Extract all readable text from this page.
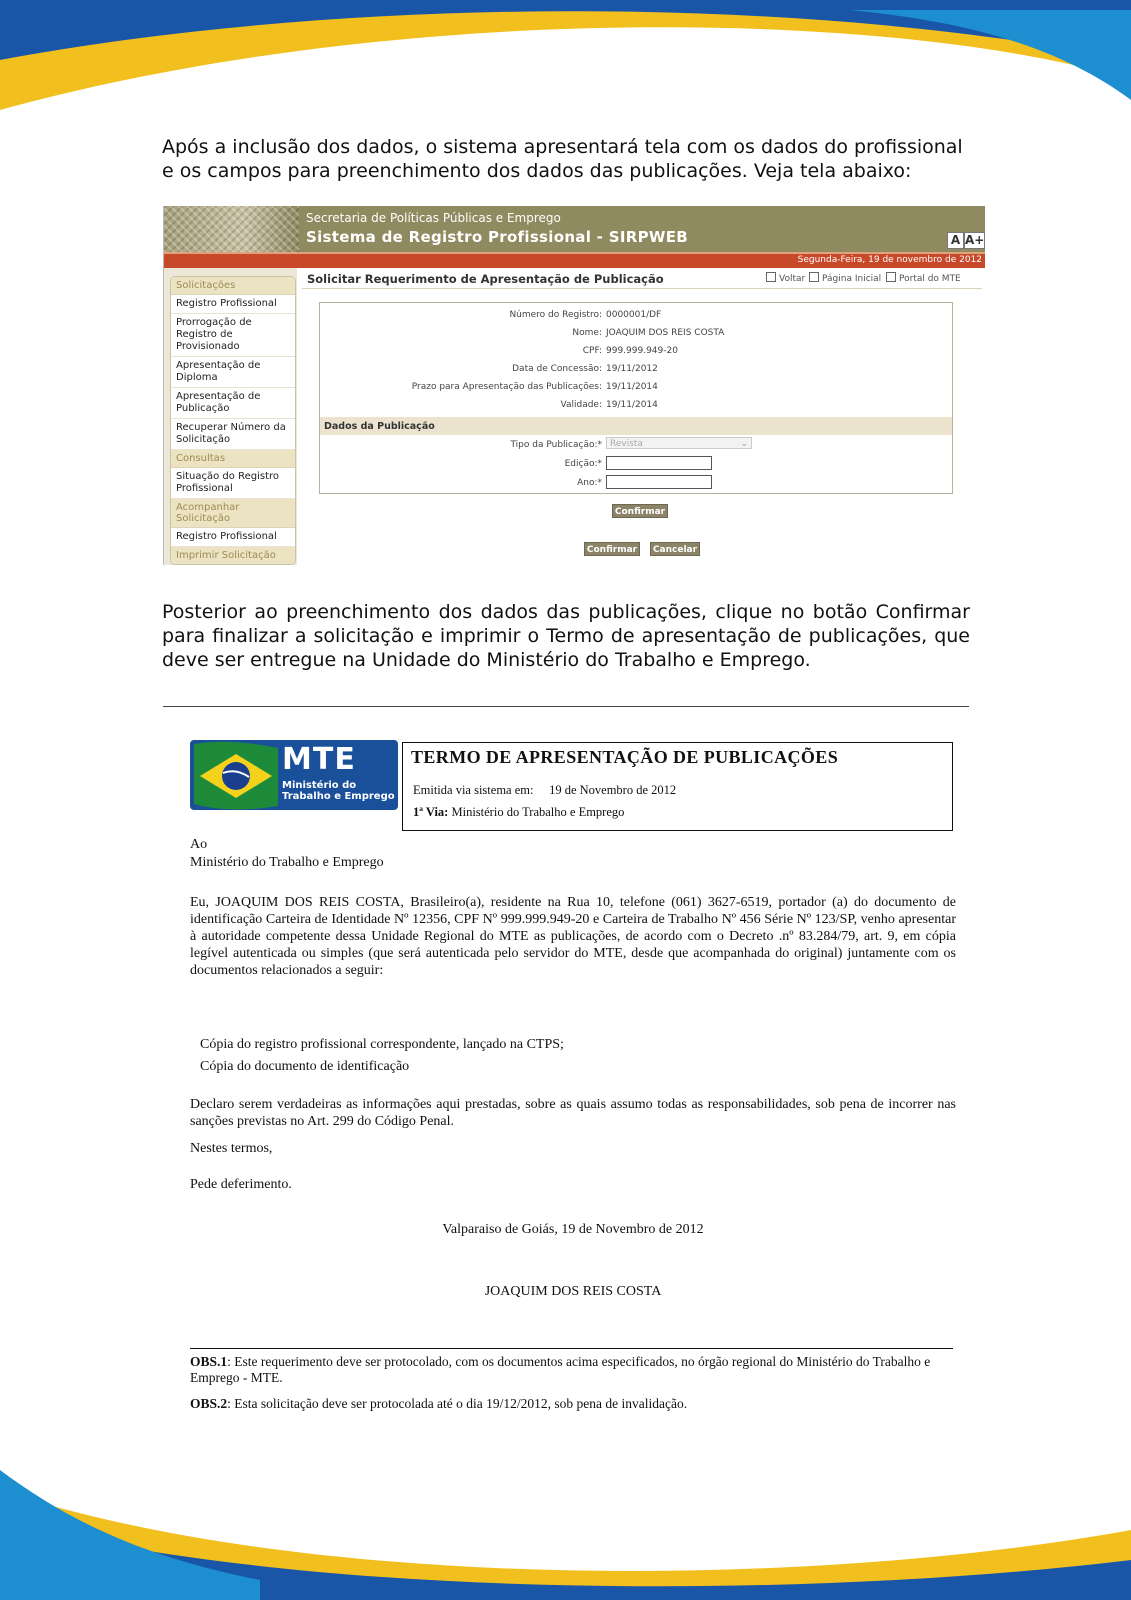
Após a inclusão dos dados, o sistema apresentará tela com os dados do profissional e os campos para preenchimento dos dados das publicações. Veja tela abaixo:

Secretaria de Políticas Públicas e Emprego
Sistema de Registro Profissional - SIRPWEB	A A+
Segunda-Feira, 19 de novembro de 2012
Solicitações
Registro Profissional
Prorrogação de Registro de Provisionado
Apresentação de Diploma
Apresentação de Publicação
Recuperar Número da Solicitação
Consultas
Situação do Registro Profissional
Acompanhar Solicitação
Registro Profissional
Imprimir Solicitação
Solicitar Requerimento de Apresentação de Publicação	Voltar	Página Inicial	Portal do MTE
Número do Registro: 0000001/DF
Nome: JOAQUIM DOS REIS COSTA
CPF: 999.999.949-20
Data de Concessão: 19/11/2012
Prazo para Apresentação das Publicações: 19/11/2014
Validade: 19/11/2014
Dados da Publicação
Tipo da Publicação:* Revista	⌄
Edição:*
Ano:*
Confirmar
Confirmar	Cancelar

Posterior ao preenchimento dos dados das publicações, clique no botão Confirmar para finalizar a solicitação e imprimir o Termo de apresentação de publicações, que deve ser entregue na Unidade do Ministério do Trabalho e Emprego.

MTE
Ministério do
Trabalho e Emprego
TERMO DE APRESENTAÇÃO DE PUBLICAÇÕES
Emitida via sistema em:     19 de Novembro de 2012
1ª Via: Ministério do Trabalho e Emprego

Ao

Ministério do Trabalho e Emprego

Eu, JOAQUIM DOS REIS COSTA, Brasileiro(a), residente na Rua 10, telefone (061) 3627-6519, portador (a) do documento de identificação Carteira de Identidade Nº 12356, CPF Nº 999.999.949-20 e Carteira de Trabalho Nº 456 Série Nº 123/SP, venho apresentar à autoridade competente dessa Unidade Regional do MTE as publicações, de acordo com o Decreto .nº 83.284/79, art. 9, em cópia legível autenticada ou simples (que será autenticada pelo servidor do MTE, desde que acompanhada do original) juntamente com os documentos relacionados a seguir:

Cópia do registro profissional correspondente, lançado na CTPS;

Cópia do documento de identificação

Declaro serem verdadeiras as informações aqui prestadas, sobre as quais assumo todas as responsabilidades, sob pena de incorrer nas sanções previstas no Art. 299 do Código Penal.

Nestes termos,

Pede deferimento.

Valparaiso de Goiás, 19 de Novembro de 2012
JOAQUIM DOS REIS COSTA

OBS.1: Este requerimento deve ser protocolado, com os documentos acima especificados, no órgão regional do Ministério do Trabalho e Emprego - MTE.

OBS.2: Esta solicitação deve ser protocolada até o dia 19/12/2012, sob pena de invalidação.
